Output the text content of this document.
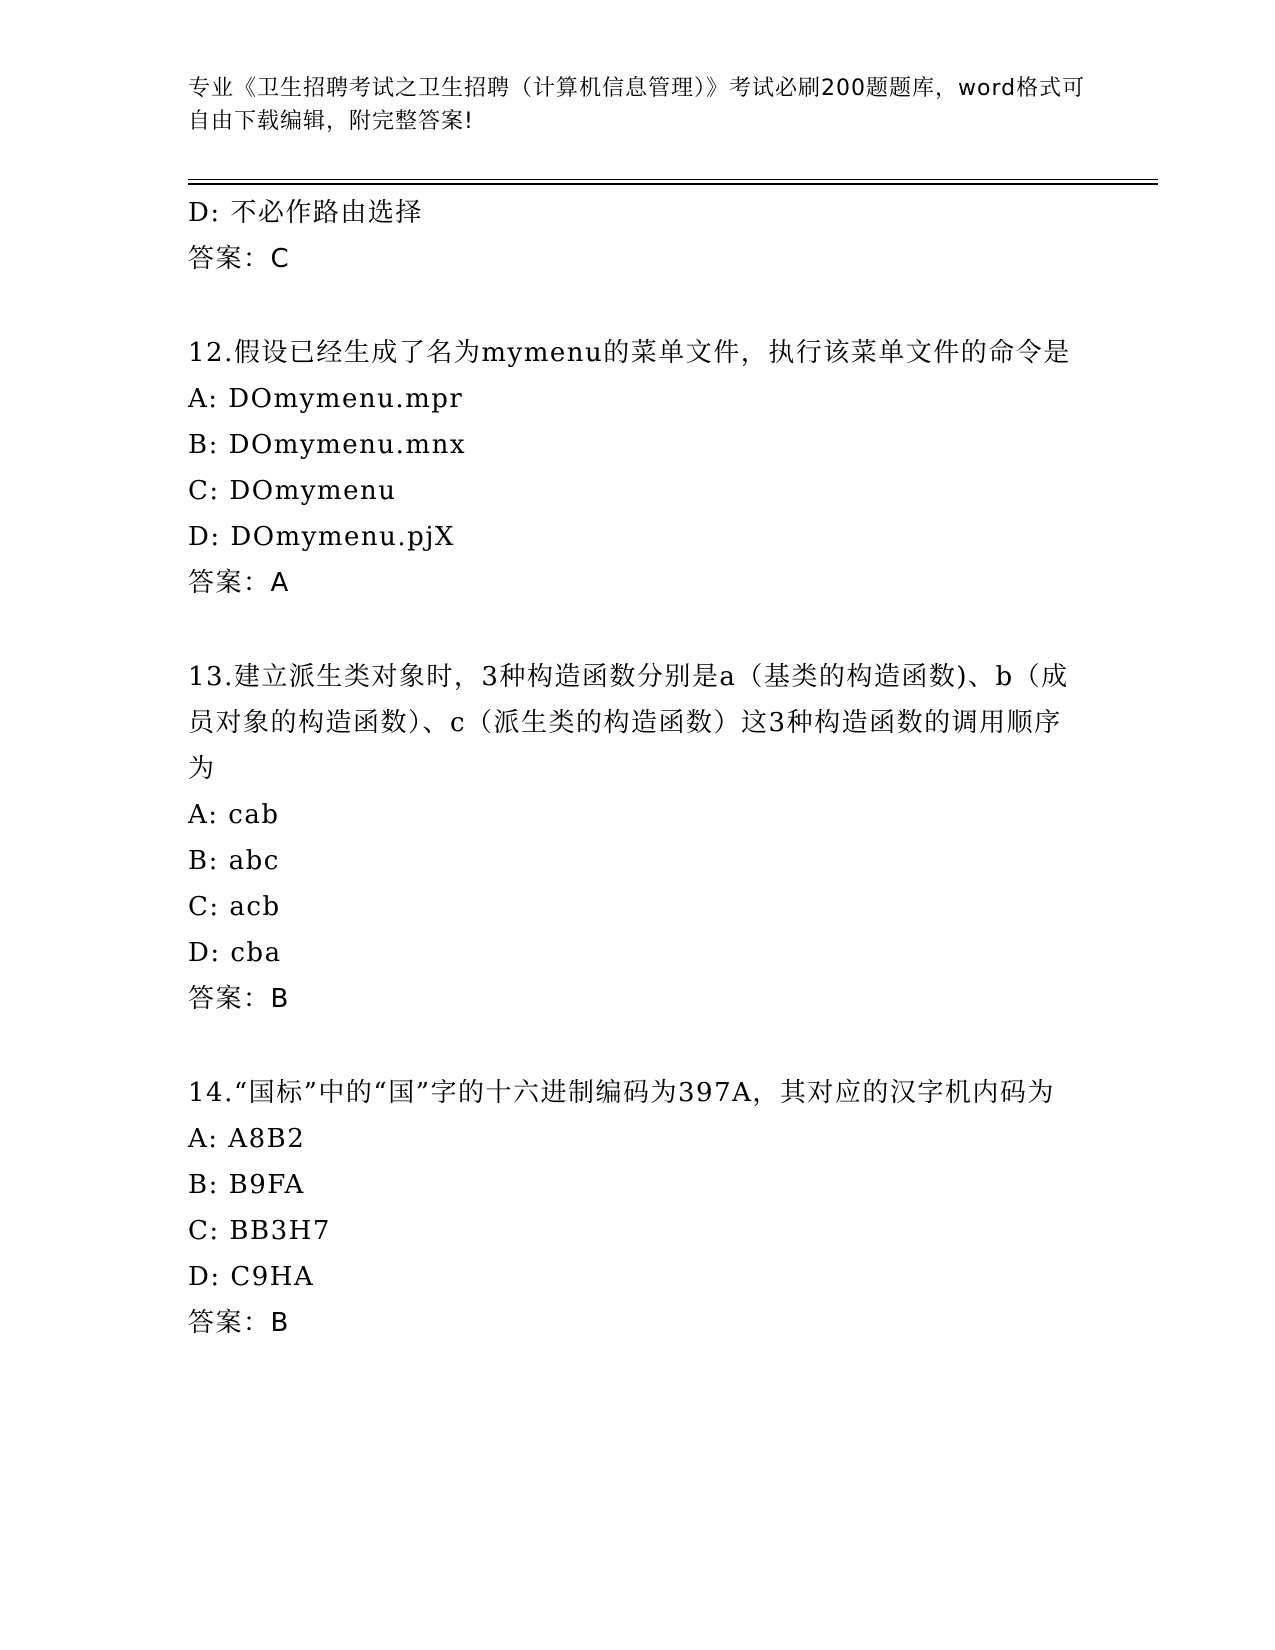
专业《卫生招聘考试之卫生招聘（计算机信息管理）》考试必刷200题题库，word格式可自由下载编辑，附完整答案!
D: 不必作路由选择
答案：C
12.假设已经生成了名为mymenu的菜单文件，执行该菜单文件的命令是
A: DOmymenu.mpr
B: DOmymenu.mnx
C: DOmymenu
D: DOmymenu.pjX
答案：A
13.建立派生类对象时，3种构造函数分别是a（基类的构造函数)、b（成员对象的构造函数）、c（派生类的构造函数）这3种构造函数的调用顺序为
A: cab
B: abc
C: acb
D: cba
答案：B
14.“国标”中的“国”字的十六进制编码为397A，其对应的汉字机内码为
A: A8B2
B: B9FA
C: BB3H7
D: C9HA
答案：B
